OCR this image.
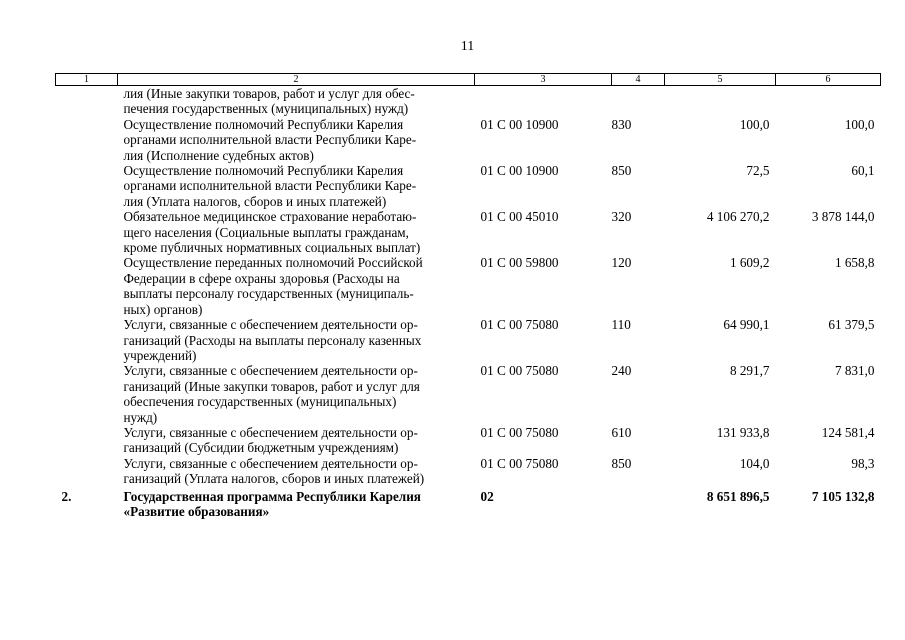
11
1	2	3	4	5	6

	лия (Иные закупки товаров, работ и услуг для обес-
печения государственных (муниципальных) нужд)				

	Осуществление полномочий Республики Карелия
органами исполнительной власти Республики Каре-
лия (Исполнение судебных актов)	01 С 00 10900	830	100,0	100,0

	Осуществление полномочий Республики Карелия
органами исполнительной власти Республики Каре-
лия (Уплата налогов, сборов и иных платежей)	01 С 00 10900	850	72,5	60,1

	Обязательное медицинское страхование неработаю-
щего населения (Социальные выплаты гражданам,
кроме публичных нормативных социальных выплат)	01 С 00 45010	320	4 106 270,2	3 878 144,0

	Осуществление переданных полномочий Российской
Федерации в сфере охраны здоровья (Расходы на
выплаты персоналу государственных (муниципаль-
ных) органов)	01 С 00 59800	120	1 609,2	1 658,8

	Услуги, связанные с обеспечением деятельности ор-
ганизаций (Расходы на выплаты персоналу казенных
учреждений)	01 С 00 75080	110	64 990,1	61 379,5

	Услуги, связанные с обеспечением деятельности ор-
ганизаций (Иные закупки товаров, работ и услуг для
обеспечения государственных (муниципальных)
нужд)	01 С 00 75080	240	8 291,7	7 831,0

	Услуги, связанные с обеспечением деятельности ор-
ганизаций (Субсидии бюджетным учреждениям)	01 С 00 75080	610	131 933,8	124 581,4

	Услуги, связанные с обеспечением деятельности ор-
ганизаций (Уплата налогов, сборов и иных платежей)	01 С 00 75080	850	104,0	98,3
2.	Государственная программа Республики Карелия
«Развитие образования»	02		8 651 896,5	7 105 132,8
